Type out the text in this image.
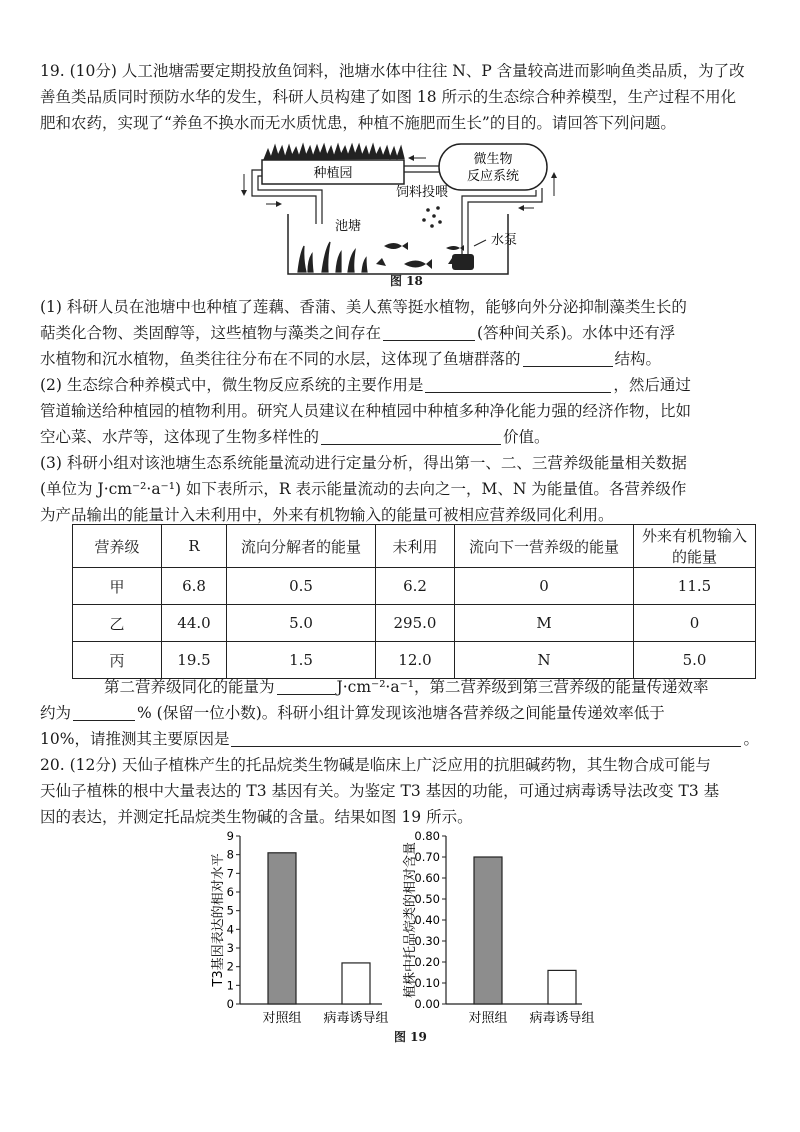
19. (10分) 人工池塘需要定期投放鱼饲料，池塘水体中往往 N、P 含量较高进而影响鱼类品质，为了改
善鱼类品质同时预防水华的发生，科研人员构建了如图 18 所示的生态综合种养模型，生产过程不用化
肥和农药，实现了“养鱼不换水而无水质忧患，种植不施肥而生长”的目的。请回答下列问题。
种植园
微生物
反应系统
饲料投喂
池塘
水泵
图 18
(1) 科研人员在池塘中也种植了莲藕、香蒲、美人蕉等挺水植物，能够向外分泌抑制藻类生长的
萜类化合物、类固醇等，这些植物与藻类之间存在	(答种间关系)。水体中还有浮
水植物和沉水植物，鱼类往往分布在不同的水层，这体现了鱼塘群落的	结构。
(2) 生态综合种养模式中，微生物反应系统的主要作用是	，然后通过
管道输送给种植园的植物利用。研究人员建议在种植园中种植多种净化能力强的经济作物，比如
空心菜、水芹等，这体现了生物多样性的	价值。
(3) 科研小组对该池塘生态系统能量流动进行定量分析，得出第一、二、三营养级能量相关数据
(单位为 J·cm⁻²·a⁻¹) 如下表所示，R 表示能量流动的去向之一，M、N 为能量值。各营养级作
为产品输出的能量计入未利用中，外来有机物输入的能量可被相应营养级同化利用。
营养级	R	流向分解者的能量	未利用	流向下一营养级的能量	外来有机物输入的能量
甲	6.8	0.5	6.2	0	11.5
乙	44.0	5.0	295.0	M	0
丙	19.5	1.5	12.0	N	5.0
第二营养级同化的能量为	J·cm⁻²·a⁻¹，第二营养级到第三营养级的能量传递效率
约为	% (保留一位小数)。科研小组计算发现该池塘各营养级之间能量传递效率低于
10%，请推测其主要原因是	。
20. (12分) 天仙子植株产生的托品烷类生物碱是临床上广泛应用的抗胆碱药物，其生物合成可能与
天仙子植株的根中大量表达的 T3 基因有关。为鉴定 T3 基因的功能，可通过病毒诱导法改变 T3 基
因的表达，并测定托品烷类生物碱的含量。结果如图 19 所示。
T3基因表达的相对水平
0
1
2
3
4
5
6
7
8
9
对照组 病毒诱导组
植株中托品烷类的相对含量
0.00
0.10
0.20
0.30
0.40
0.50
0.60
0.70
0.80
对照组 病毒诱导组
图 19
